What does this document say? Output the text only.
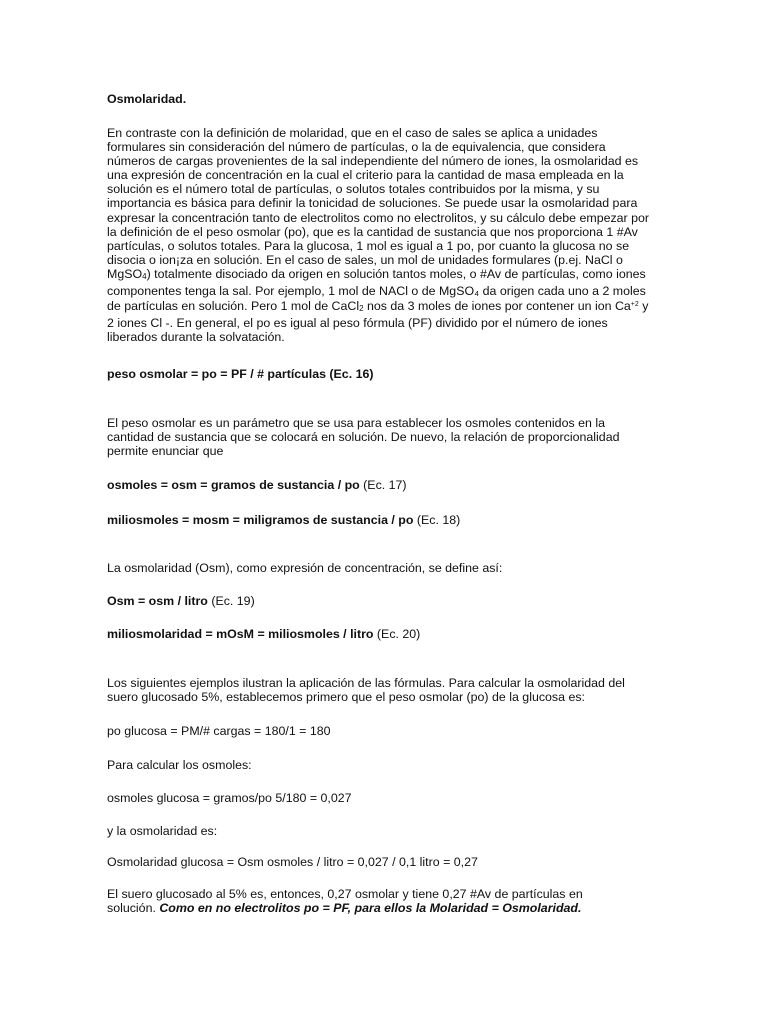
Osmolaridad.
En contraste con la definición de molaridad, que en el caso de sales se aplica a unidades
formulares sin consideración del número de partículas, o la de equivalencia, que considera
números de cargas provenientes de la sal independiente del número de iones, la osmolaridad es
una expresión de concentración en la cual el criterio para la cantidad de masa empleada en la
solución es el número total de partículas, o solutos totales contribuidos por la misma, y su
importancia es básica para definir la tonicidad de soluciones. Se puede usar la osmolaridad para
expresar la concentración tanto de electrolitos como no electrolitos, y su cálculo debe empezar por
la definición de el peso osmolar (po), que es la cantidad de sustancia que nos proporciona 1 #Av
partículas, o solutos totales. Para la glucosa, 1 mol es igual a 1 po, por cuanto la glucosa no se
disocia o ion¡za en solución. En el caso de sales, un mol de unidades formulares (p.ej. NaCl o
MgSO4) totalmente disociado da origen en solución tantos moles, o #Av de partículas, como iones
componentes tenga la sal. Por ejemplo, 1 mol de NACl o de MgSO₄ da origen cada uno a 2 moles
de partículas en solución. Pero 1 mol de CaCl2 nos da 3 moles de iones por contener un ion $Ca^{+2}$ y
2 iones Cl -. En general, el po es igual al peso fórmula (PF) dividido por el número de iones
liberados durante la solvatación.
peso osmolar = po = PF / # partículas (Ec. 16)
El peso osmolar es un parámetro que se usa para establecer los osmoles contenidos en la
cantidad de sustancia que se colocará en solución. De nuevo, la relación de proporcionalidad
permite enunciar que
osmoles = osm = gramos de sustancia / po (Ec. 17)
miliosmoles = mosm = miligramos de sustancia / po (Ec. 18)
La osmolaridad (Osm), como expresión de concentración, se define así:
Osm = osm / litro (Ec. 19)
miliosmolaridad = mOsM = miliosmoles / litro (Ec. 20)
Los siguientes ejemplos ilustran la aplicación de las fórmulas. Para calcular la osmolaridad del
suero glucosado 5%, establecemos primero que el peso osmolar (po) de la glucosa es:
po glucosa = PM/# cargas = 180/1 = 180
Para calcular los osmoles:
osmoles glucosa = gramos/po 5/180 = 0,027
y la osmolaridad es:
Osmolaridad glucosa = Osm osmoles / litro = 0,027 / 0,1 litro = 0,27
El suero glucosado al 5% es, entonces, 0,27 osmolar y tiene 0,27 #Av de partículas en
solución. Como en no electrolitos po = PF, para ellos la Molaridad = Osmolaridad.
